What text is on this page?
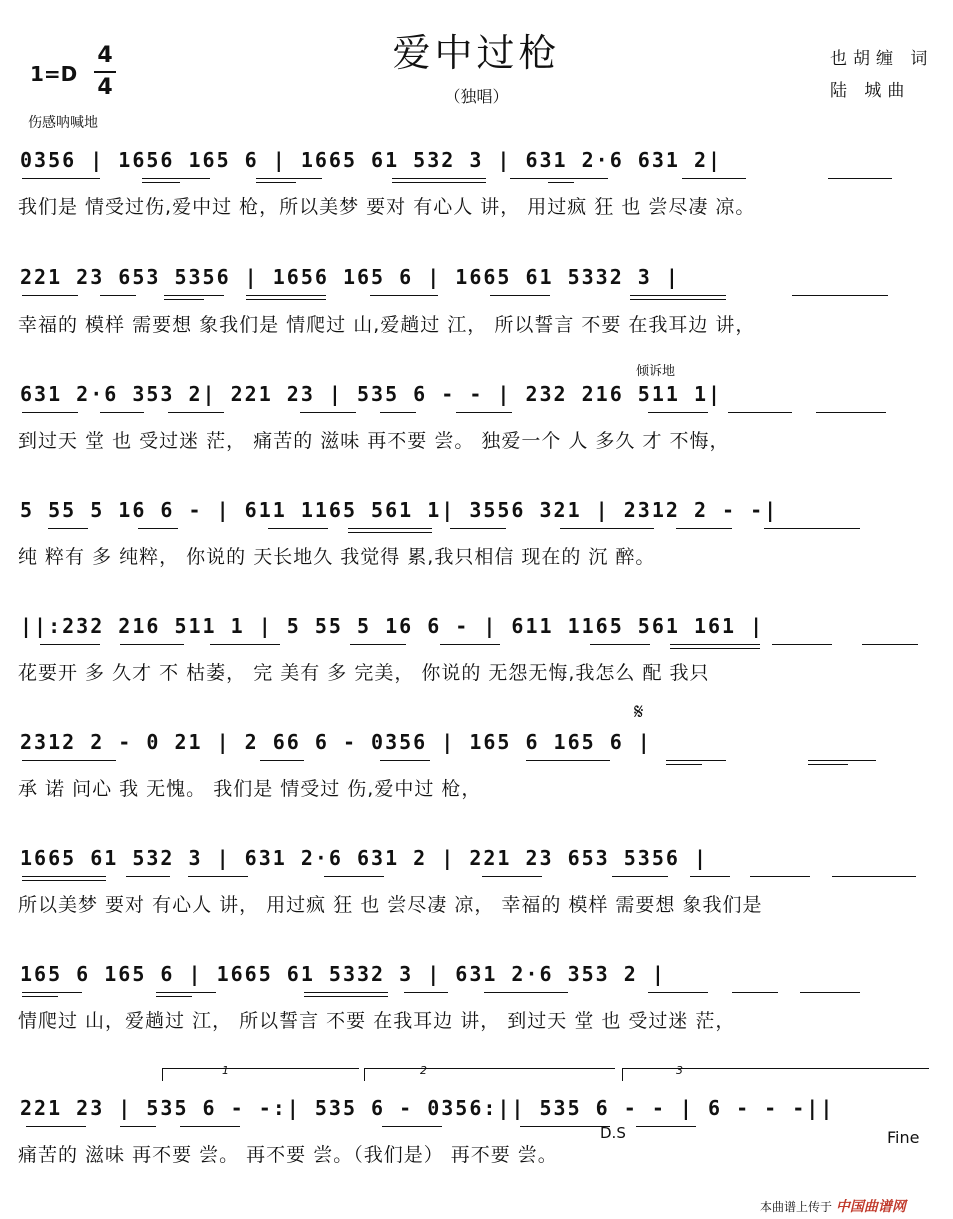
爱中过枪
（独唱）
1=D
4
4
也胡缠 词
陆 城曲
伤感呐喊地
0356 | 1656 165 6 | 1665 61 532 3 | 631 2·6 631 2|
我们是 情受过伤,爱中过 枪，所以美梦 要对 有心人 讲， 用过疯 狂 也 尝尽凄 凉。
221 23 653 5356 | 1656 165 6 | 1665 61 5332 3 |
幸福的 模样 需要想 象我们是 情爬过 山,爱趟过 江， 所以誓言 不要 在我耳边 讲，
倾诉地
631 2·6 353 2| 221 23 | 535 6 - - | 232 216 511 1|
到过天 堂 也 受过迷 茫， 痛苦的 滋味 再不要 尝。 独爱一个 人 多久 才 不悔，
5 55 5 16 6 - | 611 1165 561 1| 3556 321 | 2312 2 - -|
纯 粹有 多 纯粹， 你说的 天长地久 我觉得 累,我只相信 现在的 沉 醉。
||:232 216 511 1 | 5 55 5 16 6 - | 611 1165 561 161 |
花要开 多 久才 不 枯萎， 完 美有 多 完美， 你说的 无怨无悔,我怎么 配 我只
𝄋
2312 2 - 0 21 | 2 66 6 - 0356 | 165 6 165 6 |
承 诺 问心 我 无愧。 我们是 情受过 伤,爱中过 枪，
1665 61 532 3 | 631 2·6 631 2 | 221 23 653 5356 |
所以美梦 要对 有心人 讲， 用过疯 狂 也 尝尽凄 凉， 幸福的 模样 需要想 象我们是
165 6 165 6 | 1665 61 5332 3 | 631 2·6 353 2 |
情爬过 山，爱趟过 江， 所以誓言 不要 在我耳边 讲， 到过天 堂 也 受过迷 茫，
1	2	3
221 23 | 535 6 - -:| 535 6 - 0356:|| 535 6 - - | 6 - - -||
D.S	Fine
痛苦的 滋味 再不要 尝。 再不要 尝。（我们是） 再不要 尝。
本曲谱上传于 中国曲谱网
